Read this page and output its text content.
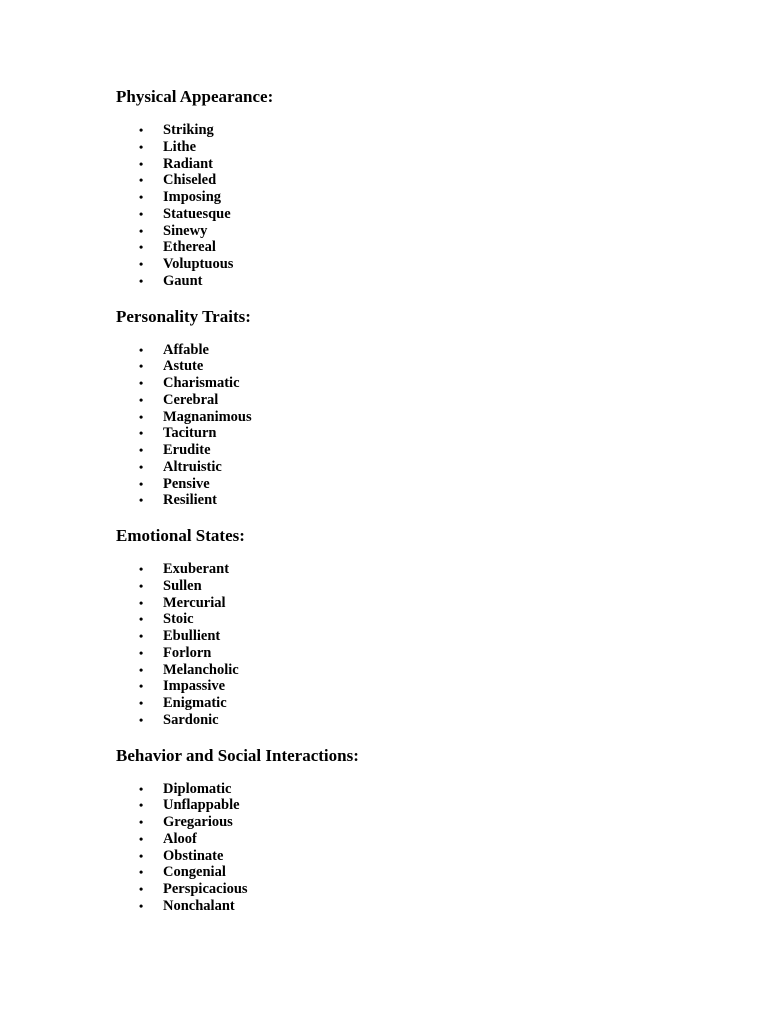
Physical Appearance:
• Striking
• Lithe
• Radiant
• Chiseled
• Imposing
• Statuesque
• Sinewy
• Ethereal
• Voluptuous
• Gaunt
Personality Traits:
• Affable
• Astute
• Charismatic
• Cerebral
• Magnanimous
• Taciturn
• Erudite
• Altruistic
• Pensive
• Resilient
Emotional States:
• Exuberant
• Sullen
• Mercurial
• Stoic
• Ebullient
• Forlorn
• Melancholic
• Impassive
• Enigmatic
• Sardonic
Behavior and Social Interactions:
• Diplomatic
• Unflappable
• Gregarious
• Aloof
• Obstinate
• Congenial
• Perspicacious
• Nonchalant
